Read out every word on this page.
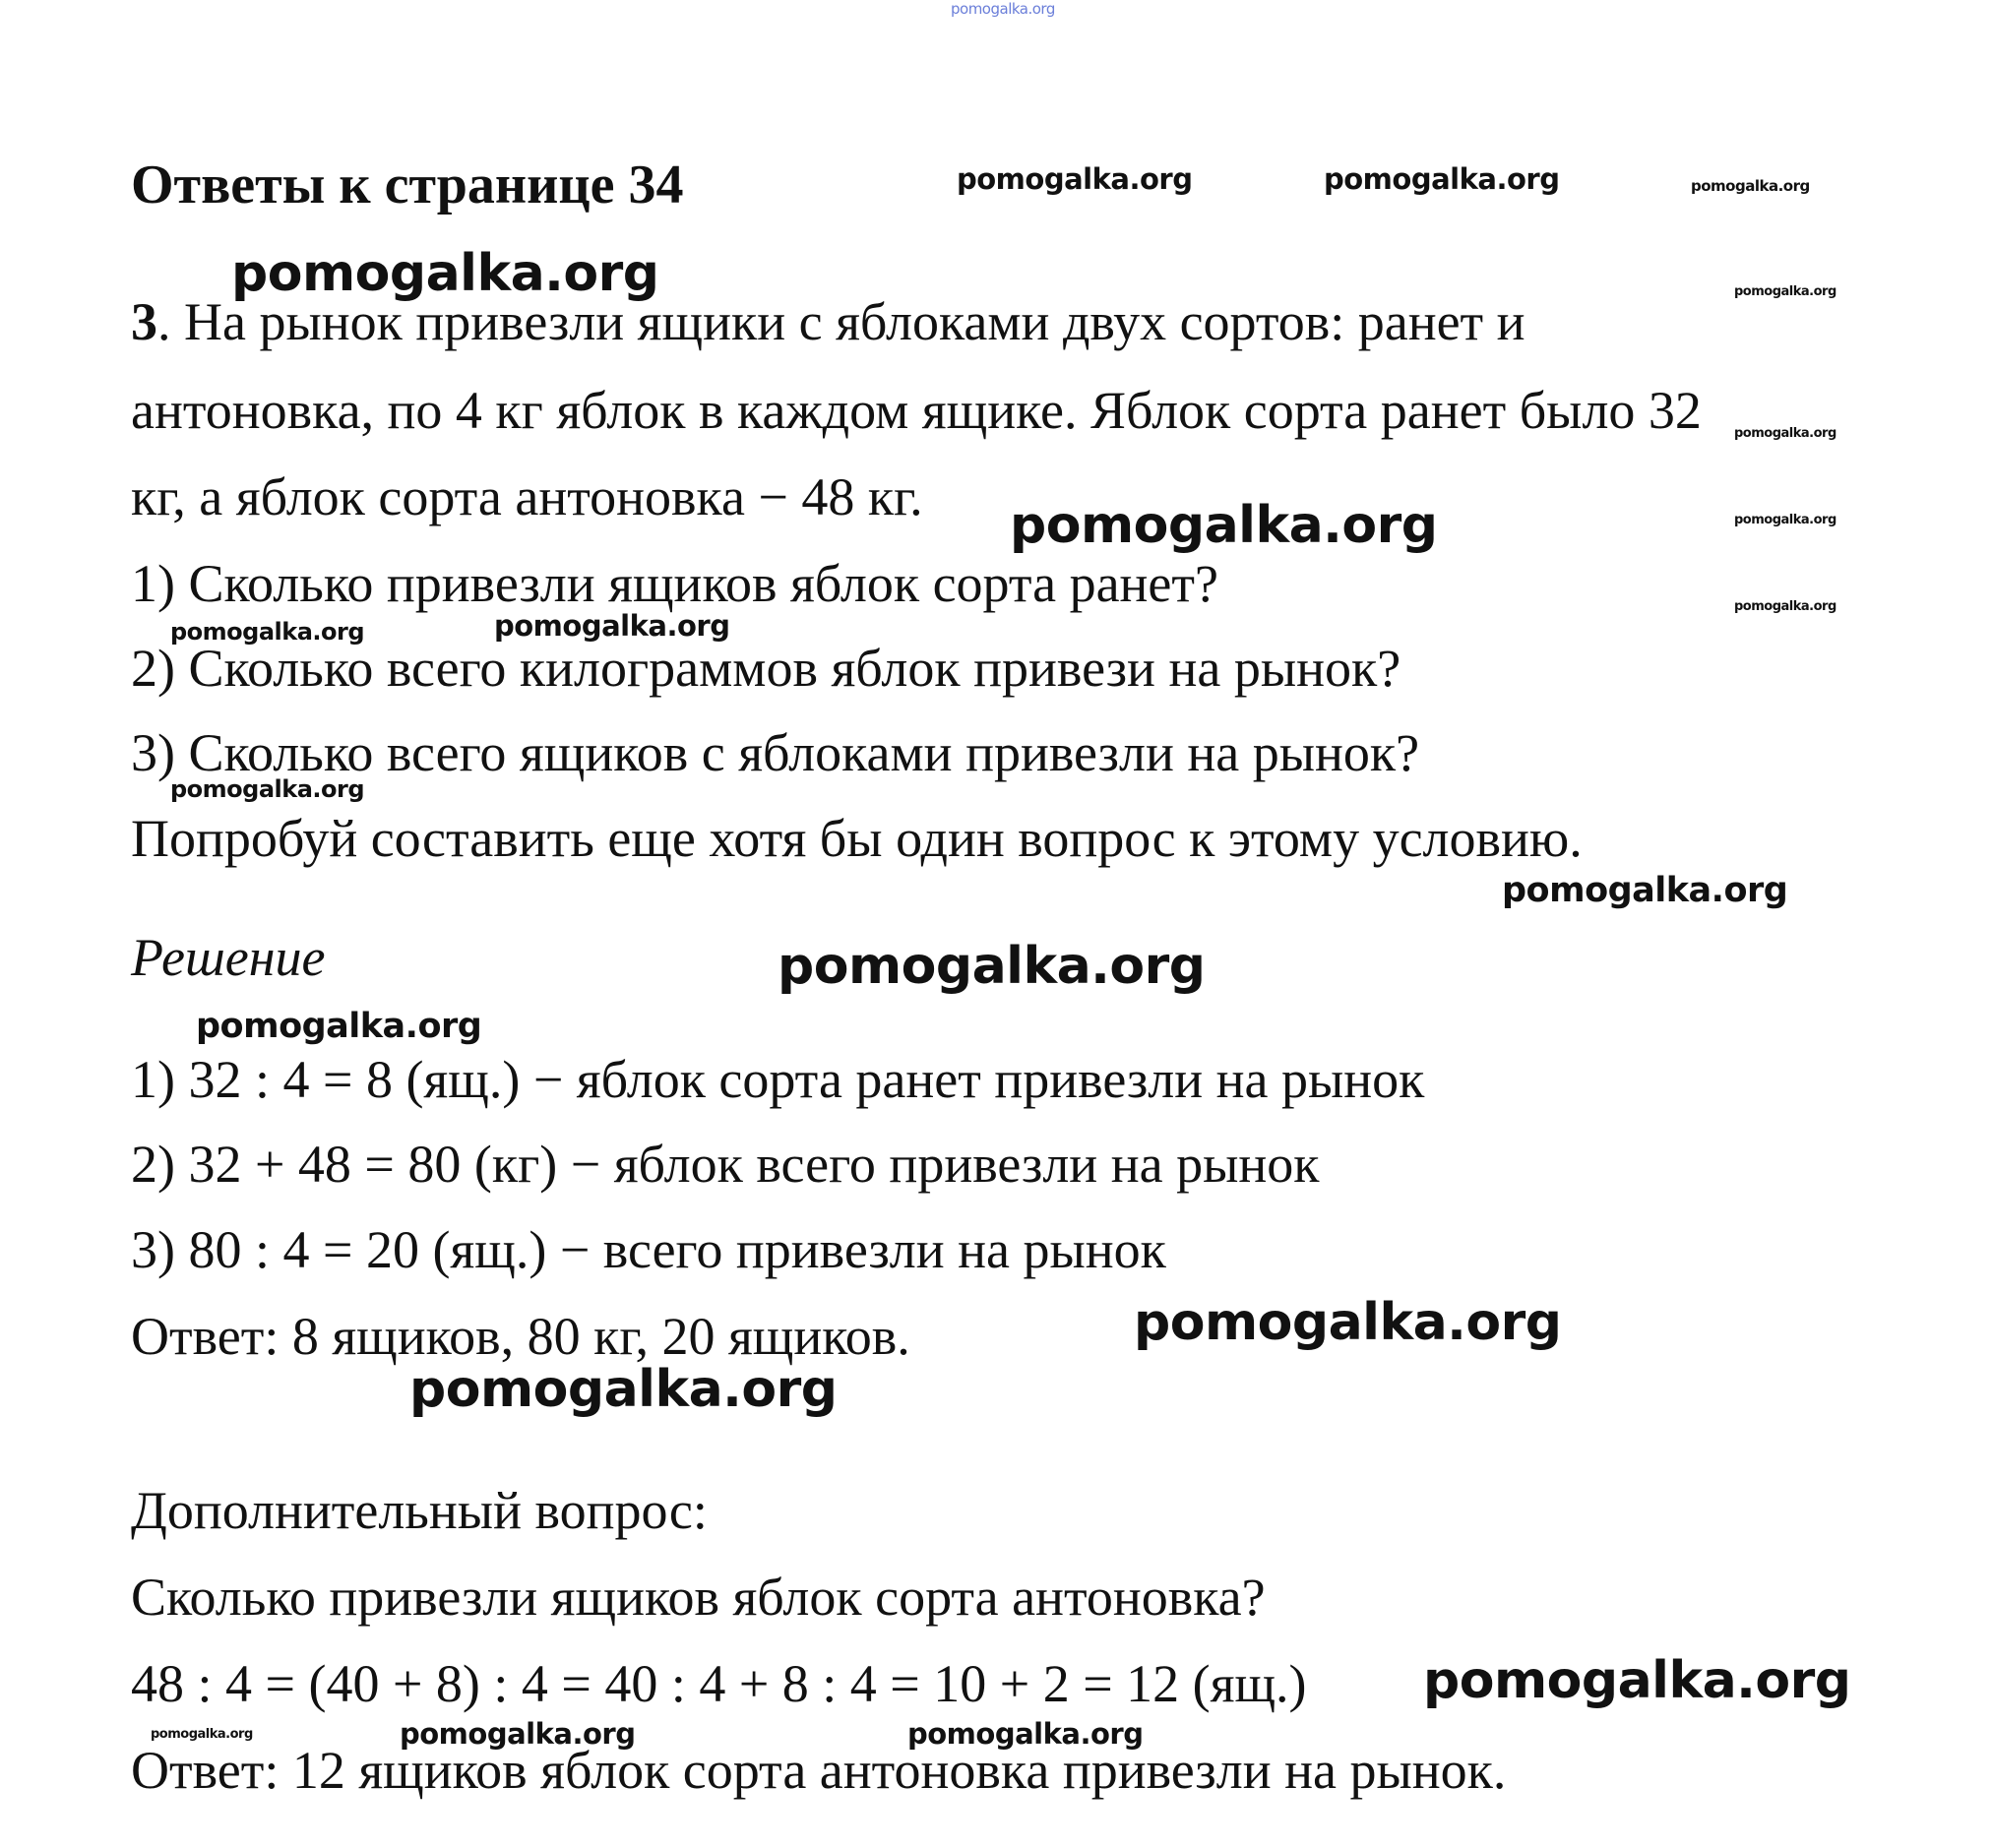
pomogalka.org
Ответы к странице 34	pomogalka.org	pomogalka.org	pomogalka.org
pomogalka.org	pomogalka.org
3. На рынок привезли ящики с яблоками двух сортов: ранет и
антоновка, по 4 кг яблок в каждом ящике. Яблок сорта ранет было 32	pomogalka.org
кг, а яблок сорта антоновка − 48 кг. pomogalka.org	pomogalka.org
1) Сколько привезли ящиков яблок сорта ранет?	pomogalka.org
pomogalka.org	pomogalka.org
2) Сколько всего килограммов яблок привези на рынок?
3) Сколько всего ящиков с яблоками привезли на рынок?
pomogalka.org
Попробуй составить еще хотя бы один вопрос к этому условию.
pomogalka.org
Решение	pomogalka.org
pomogalka.org
1) 32 : 4 = 8 (ящ.) − яблок сорта ранет привезли на рынок
2) 32 + 48 = 80 (кг) − яблок всего привезли на рынок
3) 80 : 4 = 20 (ящ.) − всего привезли на рынок
Ответ: 8 ящиков, 80 кг, 20 ящиков.	pomogalka.org
pomogalka.org
Дополнительный вопрос:
Сколько привезли ящиков яблок сорта антоновка?
48 : 4 = (40 + 8) : 4 = 40 : 4 + 8 : 4 = 10 + 2 = 12 (ящ.) pomogalka.org
pomogalka.org	pomogalka.org	pomogalka.org
Ответ: 12 ящиков яблок сорта антоновка привезли на рынок.
